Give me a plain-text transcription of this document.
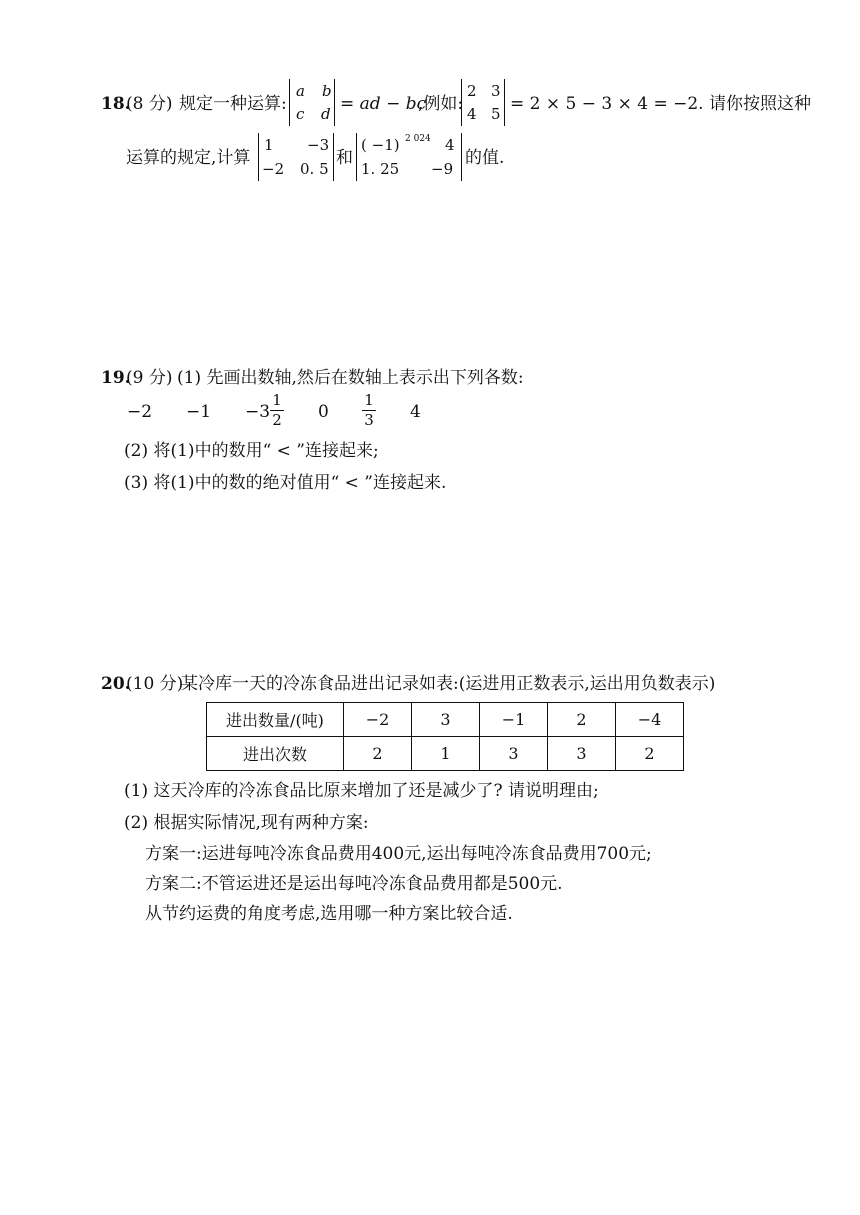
18.
(8 分) 规定一种运算:
a b
c d = ad − bc
,例如:
2 3
4 5 = 2 × 5 − 3 × 4 = −2. 请你按照这种
运算的规定,计算
1 −3
−2 0. 5
和
( −1) 2 024 4
1. 25 −9
的值.
19.
(9 分) (1) 先画出数轴,然后在数轴上表示出下列各数:
−2 −1 −3
1
2 0
1
3 4
(2) 将(1)中的数用“ < ”连接起来;
(3) 将(1)中的数的绝对值用“ < ”连接起来.
20.
(10 分)
某冷库一天的冷冻食品进出记录如表:(运进用正数表示,运出用负数表示)
进出数量/(吨)	−2	3	−1	2	−4
进出次数	2	1	3	3	2
(1) 这天冷库的冷冻食品比原来增加了还是减少了? 请说明理由;
(2) 根据实际情况,现有两种方案:
方案一:运进每吨冷冻食品费用400元,运出每吨冷冻食品费用700元;
方案二:不管运进还是运出每吨冷冻食品费用都是500元.
从节约运费的角度考虑,选用哪一种方案比较合适.
